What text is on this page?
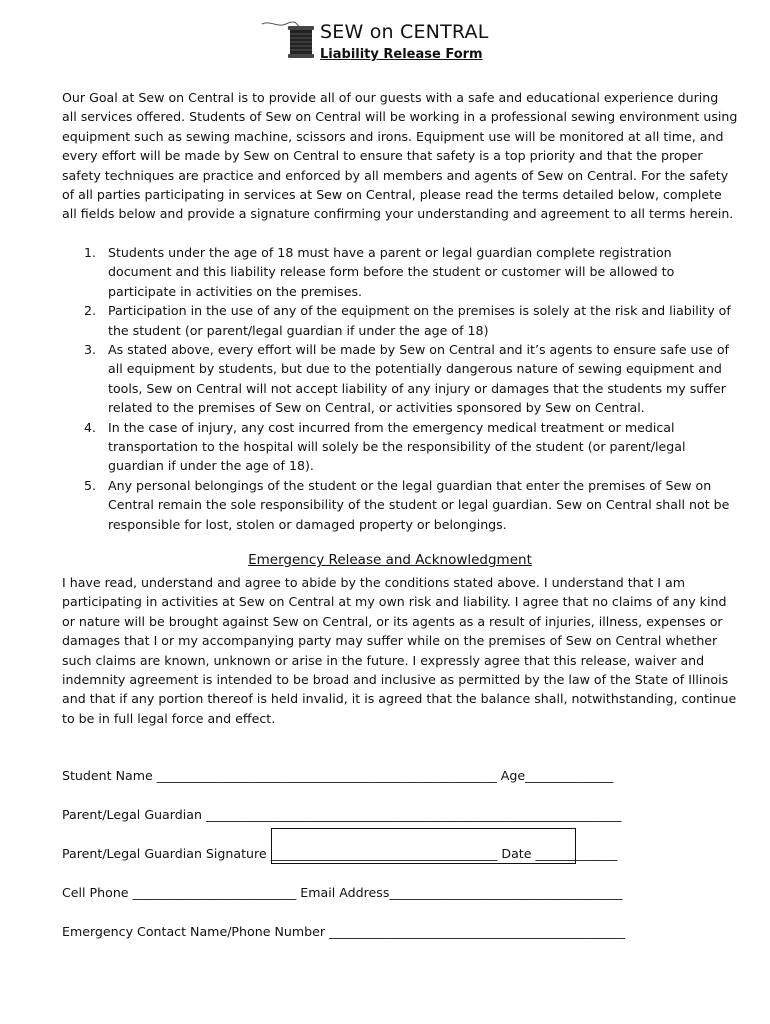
SEW on CENTRAL
Liability Release Form
Our Goal at Sew on Central is to provide all of our guests with a safe and educational experience during
all services offered. Students of Sew on Central will be working in a professional sewing environment using
equipment such as sewing machine, scissors and irons. Equipment use will be monitored at all time, and
every effort will be made by Sew on Central to ensure that safety is a top priority and that the proper
safety techniques are practice and enforced by all members and agents of Sew on Central. For the safety
of all parties participating in services at Sew on Central, please read the terms detailed below, complete
all fields below and provide a signature confirming your understanding and agreement to all terms herein.
1. Students under the age of 18 must have a parent or legal guardian complete registration
document and this liability release form before the student or customer will be allowed to
participate in activities on the premises.
2. Participation in the use of any of the equipment on the premises is solely at the risk and liability of
the student (or parent/legal guardian if under the age of 18)
3. As stated above, every effort will be made by Sew on Central and it’s agents to ensure safe use of
all equipment by students, but due to the potentially dangerous nature of sewing equipment and
tools, Sew on Central will not accept liability of any injury or damages that the students my suffer
related to the premises of Sew on Central, or activities sponsored by Sew on Central.
4. In the case of injury, any cost incurred from the emergency medical treatment or medical
transportation to the hospital will solely be the responsibility of the student (or parent/legal
guardian if under the age of 18).
5. Any personal belongings of the student or the legal guardian that enter the premises of Sew on
Central remain the sole responsibility of the student or legal guardian. Sew on Central shall not be
responsible for lost, stolen or damaged property or belongings.
Emergency Release and Acknowledgment
I have read, understand and agree to abide by the conditions stated above. I understand that I am
participating in activities at Sew on Central at my own risk and liability. I agree that no claims of any kind
or nature will be brought against Sew on Central, or its agents as a result of injuries, illness, expenses or
damages that I or my accompanying party may suffer while on the premises of Sew on Central whether
such claims are known, unknown or arise in the future. I expressly agree that this release, waiver and
indemnity agreement is intended to be broad and inclusive as permitted by the law of the State of Illinois
and that if any portion thereof is held invalid, it is agreed that the balance shall, notwithstanding, continue
to be in full legal force and effect.
Student Name ______________________________________________________ Age______________
Parent/Legal Guardian __________________________________________________________________
Parent/Legal Guardian Signature ____________________________________ Date _____________
Cell Phone __________________________ Email Address_____________________________________
Emergency Contact Name/Phone Number _______________________________________________
